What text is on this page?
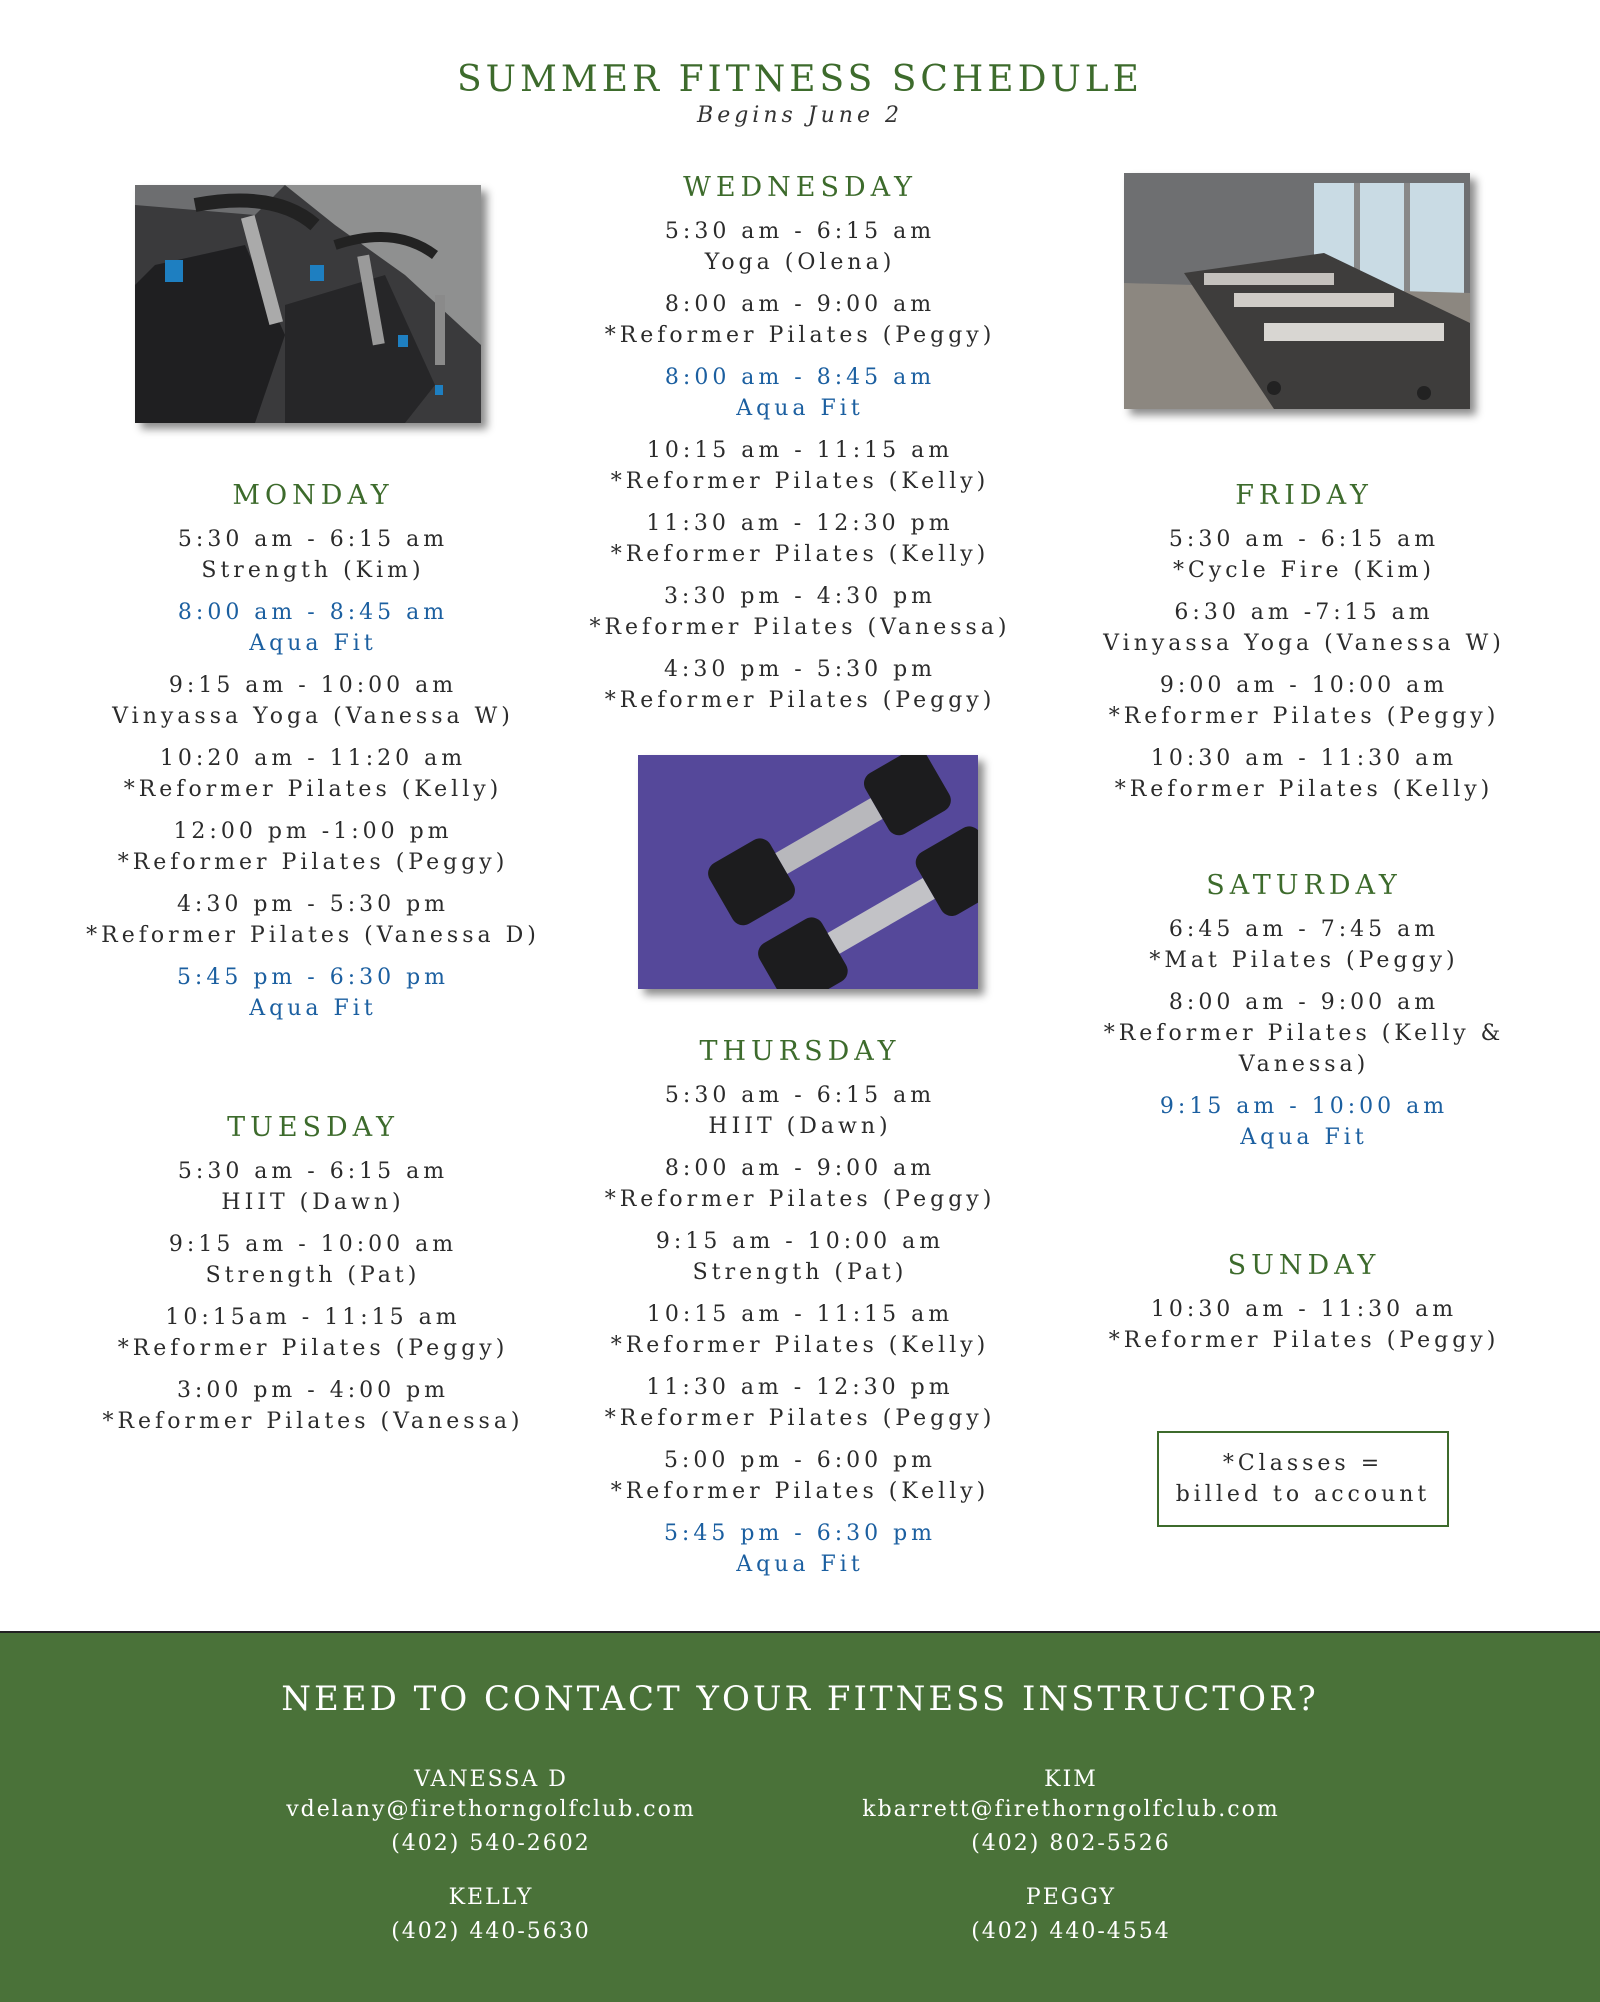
SUMMER FITNESS SCHEDULE
Begins June 2
MONDAY
5:30 am - 6:15 am
Strength (Kim)
8:00 am - 8:45 am
Aqua Fit
9:15 am - 10:00 am
Vinyassa Yoga (Vanessa W)
10:20 am - 11:20 am
*Reformer Pilates (Kelly)
12:00 pm -1:00 pm
*Reformer Pilates (Peggy)
4:30 pm - 5:30 pm
*Reformer Pilates (Vanessa D)
5:45 pm - 6:30 pm
Aqua Fit
TUESDAY
5:30 am - 6:15 am
HIIT (Dawn)
9:15 am - 10:00 am
Strength (Pat)
10:15am - 11:15 am
*Reformer Pilates (Peggy)
3:00 pm - 4:00 pm
*Reformer Pilates (Vanessa)
WEDNESDAY
5:30 am - 6:15 am
Yoga (Olena)
8:00 am - 9:00 am
*Reformer Pilates (Peggy)
8:00 am - 8:45 am
Aqua Fit
10:15 am - 11:15 am
*Reformer Pilates (Kelly)
11:30 am - 12:30 pm
*Reformer Pilates (Kelly)
3:30 pm - 4:30 pm
*Reformer Pilates (Vanessa)
4:30 pm - 5:30 pm
*Reformer Pilates (Peggy)
THURSDAY
5:30 am - 6:15 am
HIIT (Dawn)
8:00 am - 9:00 am
*Reformer Pilates (Peggy)
9:15 am - 10:00 am
Strength (Pat)
10:15 am - 11:15 am
*Reformer Pilates (Kelly)
11:30 am - 12:30 pm
*Reformer Pilates (Peggy)
5:00 pm - 6:00 pm
*Reformer Pilates (Kelly)
5:45 pm - 6:30 pm
Aqua Fit
FRIDAY
5:30 am - 6:15 am
*Cycle Fire (Kim)
6:30 am -7:15 am
Vinyassa Yoga (Vanessa W)
9:00 am - 10:00 am
*Reformer Pilates (Peggy)
10:30 am - 11:30 am
*Reformer Pilates (Kelly)
SATURDAY
6:45 am - 7:45 am
*Mat Pilates (Peggy)
8:00 am - 9:00 am
*Reformer Pilates (Kelly &
Vanessa)
9:15 am - 10:00 am
Aqua Fit
SUNDAY
10:30 am - 11:30 am
*Reformer Pilates (Peggy)
*Classes =
billed to account
NEED TO CONTACT YOUR FITNESS INSTRUCTOR?
VANESSA D
vdelany@firethorngolfclub.com
(402) 540-2602
KIM
kbarrett@firethorngolfclub.com
(402) 802-5526
KELLY
(402) 440-5630
PEGGY
(402) 440-4554
